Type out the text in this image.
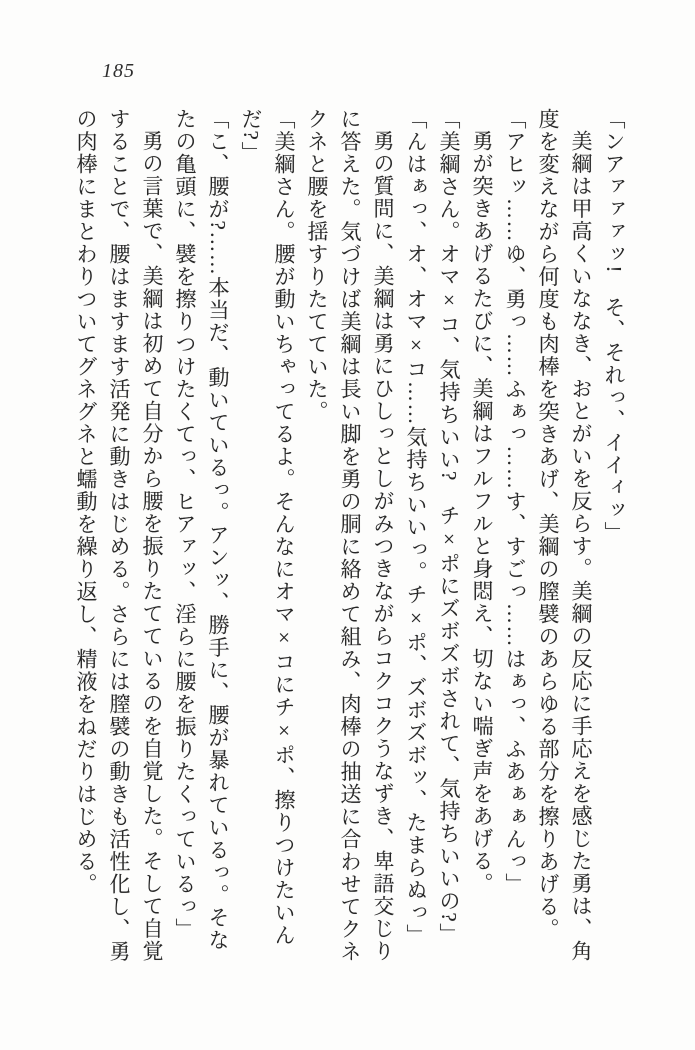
185

「ンアァァァッ!　そ、それっ、イイィッ」

美綱は甲高くいななき、おとがいを反らす。美綱の反応に手応えを感じた勇は、角

度を変えながら何度も肉棒を突きあげ、美綱の膣襞のあらゆる部分を擦りあげる。

「アヒッ……ゆ、勇っ……ふぁっ……す、すごっ……はぁっ、ふあぁぁんっ」

勇が突きあげるたびに、美綱はフルフルと身悶え、切ない喘ぎ声をあげる。

「美綱さん。オマ×コ、気持ちいい?　チ×ポにズボズボされて、気持ちいいの?」

「んはぁっ、オ、オマ×コ……気持ちいいっ。チ×ポ、ズボズボッ、たまらぬっ」

勇の質問に、美綱は勇にひしっとしがみつきながらコクコクうなずき、卑語交じり

に答えた。気づけば美綱は長い脚を勇の胴に絡めて組み、肉棒の抽送に合わせてクネ

クネと腰を揺すりたてていた。

「美綱さん。腰が動いちゃってるよ。そんなにオマ×コにチ×ポ、擦りつけたいん

だ?」

「こ、腰が?……本当だ、動いているっ。アンッ、勝手に、腰が暴れているっ。そな

たの亀頭に、襞を擦りつけたくてっ、ヒアァッ、淫らに腰を振りたくっているっ」

勇の言葉で、美綱は初めて自分から腰を振りたてているのを自覚した。そして自覚

することで、腰はますます活発に動きはじめる。さらには膣襞の動きも活性化し、勇

の肉棒にまとわりついてグネグネと蠕動を繰り返し、精液をねだりはじめる。
